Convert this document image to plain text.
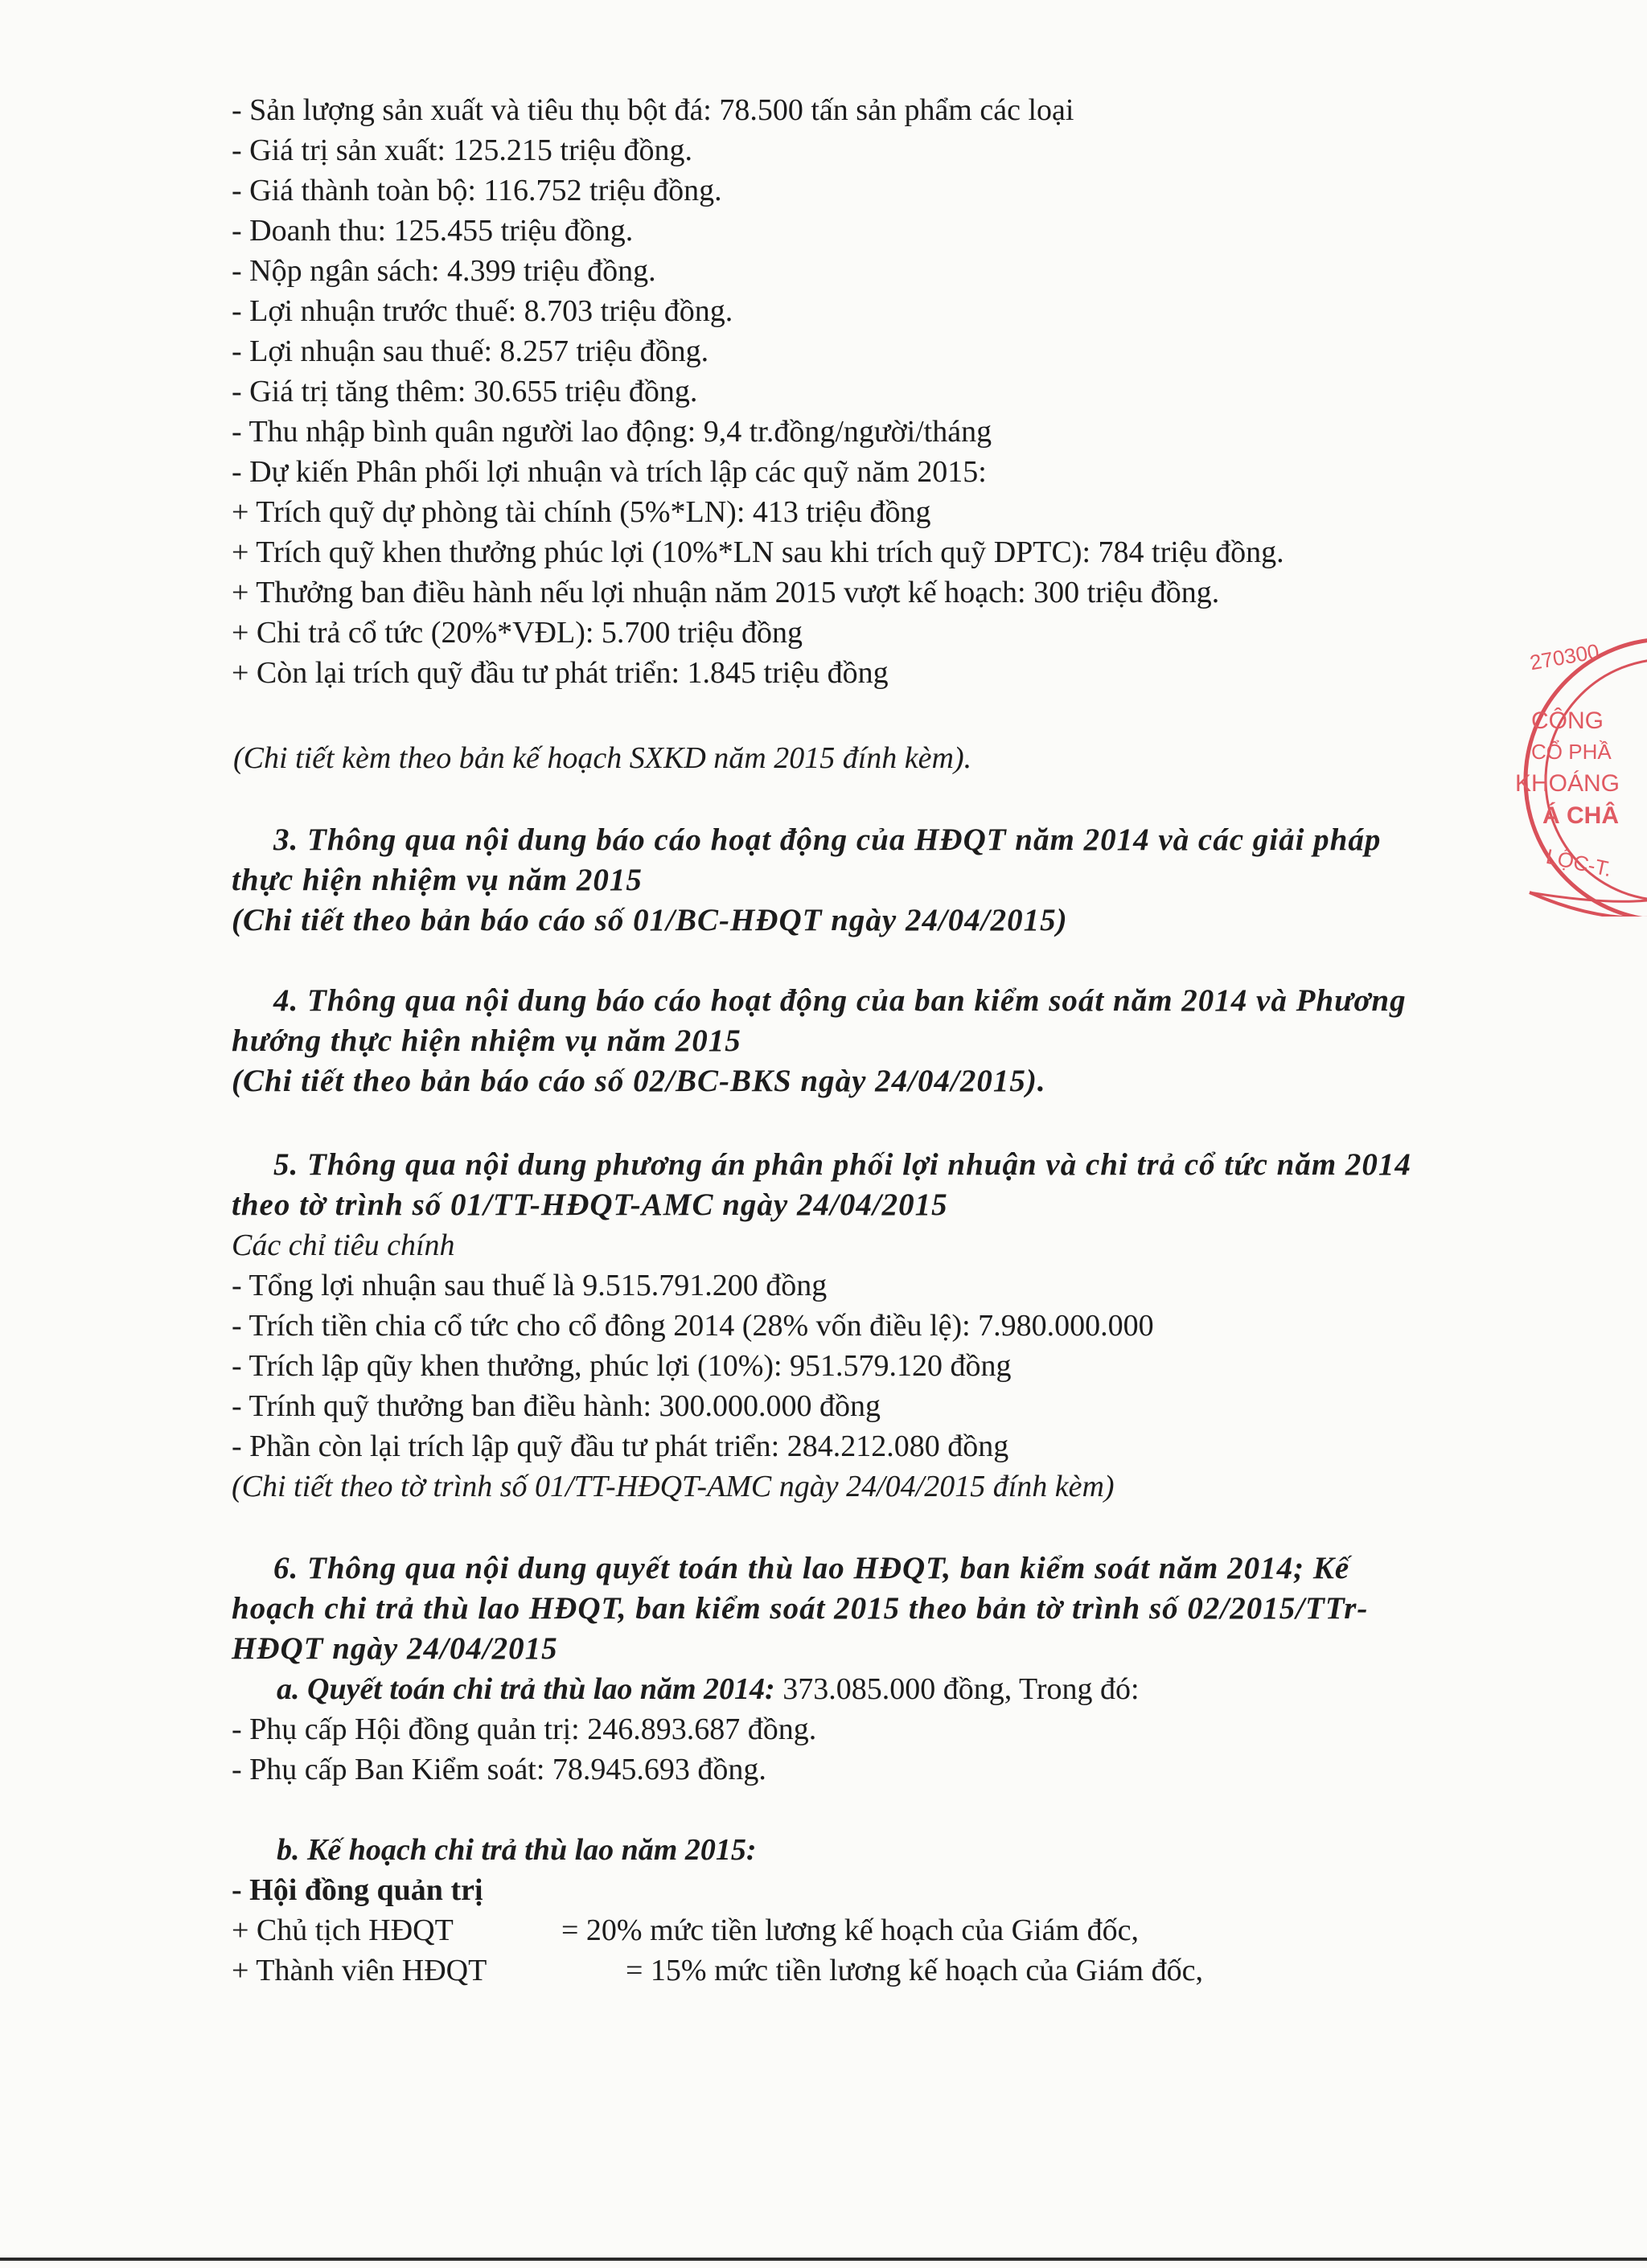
- Sản lượng sản xuất và tiêu thụ bột đá: 78.500 tấn sản phẩm các loại
- Giá trị sản xuất: 125.215 triệu đồng.
- Giá thành toàn bộ: 116.752 triệu đồng.
- Doanh thu: 125.455 triệu đồng.
- Nộp ngân sách: 4.399 triệu đồng.
- Lợi nhuận trước thuế: 8.703 triệu đồng.
- Lợi nhuận sau thuế: 8.257 triệu đồng.
- Giá trị tăng thêm: 30.655 triệu đồng.
- Thu nhập bình quân người lao động: 9,4 tr.đồng/người/tháng
- Dự kiến Phân phối lợi nhuận và trích lập các quỹ năm 2015:
+ Trích quỹ dự phòng tài chính (5%*LN): 413 triệu đồng
+ Trích quỹ khen thưởng phúc lợi (10%*LN sau khi trích quỹ DPTC): 784 triệu đồng.
+ Thưởng ban điều hành nếu lợi nhuận năm 2015 vượt kế hoạch: 300 triệu đồng.
+ Chi trả cổ tức (20%*VĐL): 5.700 triệu đồng
+ Còn lại trích quỹ đầu tư phát triển: 1.845 triệu đồng
(Chi tiết kèm theo bản kế hoạch SXKD năm 2015 đính kèm).
3. Thông qua nội dung báo cáo hoạt động của HĐQT năm 2014 và các giải pháp
thực hiện nhiệm vụ năm 2015
(Chi tiết theo bản báo cáo số 01/BC-HĐQT ngày 24/04/2015)
4. Thông qua nội dung báo cáo hoạt động của ban kiểm soát năm 2014 và Phương
hướng thực hiện nhiệm vụ năm 2015
(Chi tiết theo bản báo cáo số 02/BC-BKS ngày 24/04/2015).
5. Thông qua nội dung phương án phân phối lợi nhuận và chi trả cổ tức năm 2014
theo tờ trình số 01/TT-HĐQT-AMC ngày 24/04/2015
Các chỉ tiêu chính
- Tổng lợi nhuận sau thuế là 9.515.791.200 đồng
- Trích tiền chia cổ tức cho cổ đông 2014 (28% vốn điều lệ): 7.980.000.000
- Trích lập qũy khen thưởng, phúc lợi (10%): 951.579.120 đồng
- Trính quỹ thưởng ban điều hành: 300.000.000 đồng
- Phần còn lại trích lập quỹ đầu tư phát triển: 284.212.080 đồng
(Chi tiết theo tờ trình số 01/TT-HĐQT-AMC ngày 24/04/2015 đính kèm)
6. Thông qua nội dung quyết toán thù lao HĐQT, ban kiểm soát năm 2014; Kế
hoạch chi trả thù lao HĐQT, ban kiểm soát 2015 theo bản tờ trình số 02/2015/TTr-
HĐQT ngày 24/04/2015
a. Quyết toán chi trả thù lao năm 2014: 373.085.000 đồng, Trong đó:
- Phụ cấp Hội đồng quản trị: 246.893.687 đồng.
- Phụ cấp Ban Kiểm soát: 78.945.693 đồng.
b. Kế hoạch chi trả thù lao năm 2015:
- Hội đồng quản trị
+ Chủ tịch HĐQT	= 20% mức tiền lương kế hoạch của Giám đốc,
+ Thành viên HĐQT	= 15% mức tiền lương kế hoạch của Giám đốc,
270300
CÔNG
CỔ PHẦ
KHOÁNG
Á CHÂ
LỘC-T.
